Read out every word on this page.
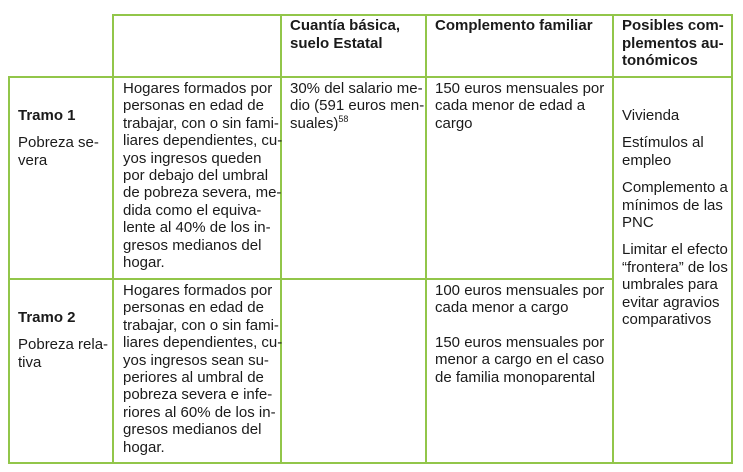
Cuantía básica,
suelo Estatal
Complemento familiar Posibles com-
plementos au-
tonómicos
Tramo 1
Pobreza se-
vera
Hogares formados por
personas en edad de
trabajar, con o sin fami-
liares dependientes, cu-
yos ingresos queden
por debajo del umbral
de pobreza severa, me-
dida como el equiva-
lente al 40% de los in-
gresos medianos del
hogar.
30% del salario me-
dio (591 euros men-
suales)$^{58}$
150 euros mensuales por
cada menor de edad a
cargo	Vivienda
Estímulos al
empleo
Complemento a
mínimos de las
PNC
Limitar el efecto
“frontera” de los
umbrales para
evitar agravios
comparativos
Tramo 2
Pobreza rela-
tiva
Hogares formados por
personas en edad de
trabajar, con o sin fami-
liares dependientes, cu-
yos ingresos sean su-
periores al umbral de
pobreza severa e infe-
riores al 60% de los in-
gresos medianos del
hogar.
100 euros mensuales por
cada menor a cargo
150 euros mensuales por
menor a cargo en el caso
de familia monoparental
